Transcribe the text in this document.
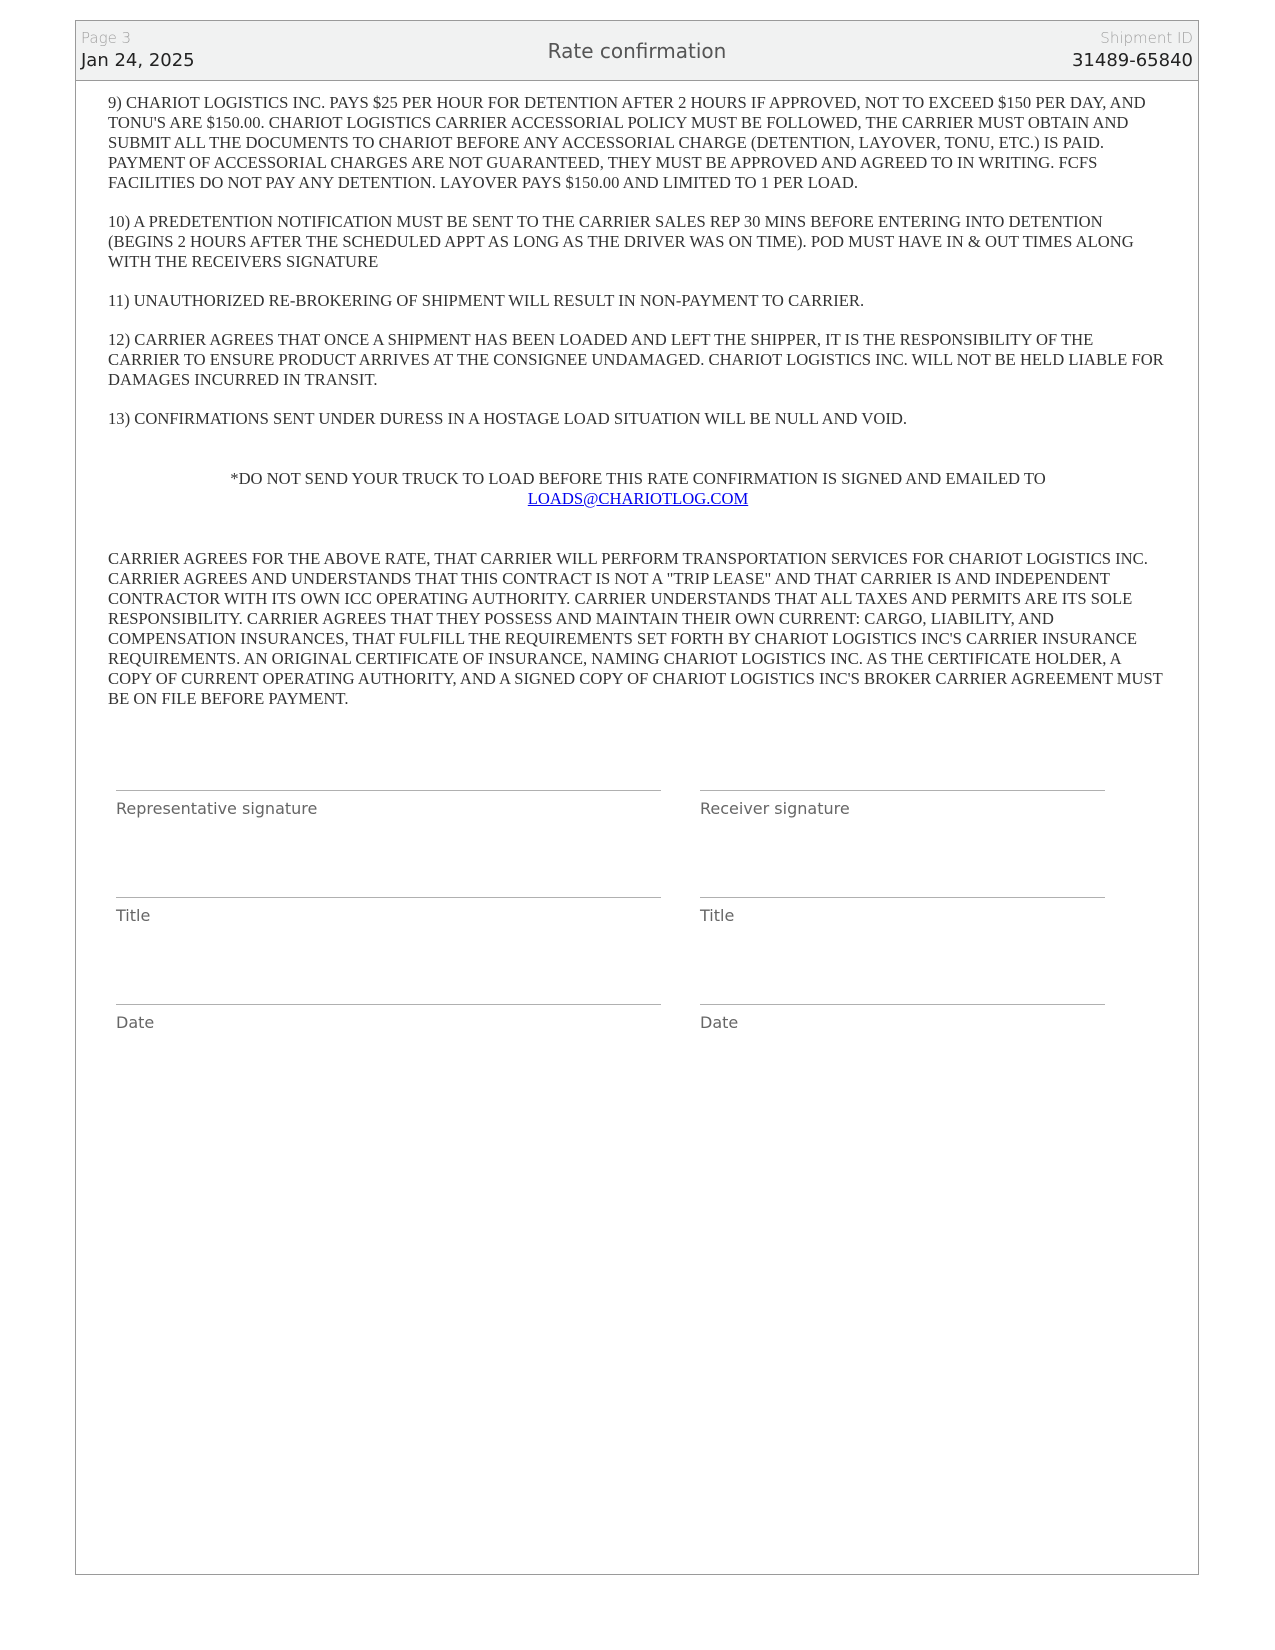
Page 3
Jan 24, 2025	Rate confirmation
Shipment ID
31489-65840

9) CHARIOT LOGISTICS INC. PAYS $25 PER HOUR FOR DETENTION AFTER 2 HOURS IF APPROVED, NOT TO EXCEED $150 PER DAY, AND TONU'S ARE $150.00. CHARIOT LOGISTICS CARRIER ACCESSORIAL POLICY MUST BE FOLLOWED, THE CARRIER MUST OBTAIN AND SUBMIT ALL THE DOCUMENTS TO CHARIOT BEFORE ANY ACCESSORIAL CHARGE (DETENTION, LAYOVER, TONU, ETC.) IS PAID. PAYMENT OF ACCESSORIAL CHARGES ARE NOT GUARANTEED, THEY MUST BE APPROVED AND AGREED TO IN WRITING. FCFS FACILITIES DO NOT PAY ANY DETENTION. LAYOVER PAYS $150.00 AND LIMITED TO 1 PER LOAD.

10) A PREDETENTION NOTIFICATION MUST BE SENT TO THE CARRIER SALES REP 30 MINS BEFORE ENTERING INTO DETENTION (BEGINS 2 HOURS AFTER THE SCHEDULED APPT AS LONG AS THE DRIVER WAS ON TIME). POD MUST HAVE IN & OUT TIMES ALONG WITH THE RECEIVERS SIGNATURE

11) UNAUTHORIZED RE-BROKERING OF SHIPMENT WILL RESULT IN NON-PAYMENT TO CARRIER.

12) CARRIER AGREES THAT ONCE A SHIPMENT HAS BEEN LOADED AND LEFT THE SHIPPER, IT IS THE RESPONSIBILITY OF THE CARRIER TO ENSURE PRODUCT ARRIVES AT THE CONSIGNEE UNDAMAGED. CHARIOT LOGISTICS INC. WILL NOT BE HELD LIABLE FOR DAMAGES INCURRED IN TRANSIT.

13) CONFIRMATIONS SENT UNDER DURESS IN A HOSTAGE LOAD SITUATION WILL BE NULL AND VOID.

*DO NOT SEND YOUR TRUCK TO LOAD BEFORE THIS RATE CONFIRMATION IS SIGNED AND EMAILED TO
LOADS@CHARIOTLOG.COM

CARRIER AGREES FOR THE ABOVE RATE, THAT CARRIER WILL PERFORM TRANSPORTATION SERVICES FOR CHARIOT LOGISTICS INC. CARRIER AGREES AND UNDERSTANDS THAT THIS CONTRACT IS NOT A "TRIP LEASE" AND THAT CARRIER IS AND INDEPENDENT CONTRACTOR WITH ITS OWN ICC OPERATING AUTHORITY. CARRIER UNDERSTANDS THAT ALL TAXES AND PERMITS ARE ITS SOLE RESPONSIBILITY. CARRIER AGREES THAT THEY POSSESS AND MAINTAIN THEIR OWN CURRENT: CARGO, LIABILITY, AND COMPENSATION INSURANCES, THAT FULFILL THE REQUIREMENTS SET FORTH BY CHARIOT LOGISTICS INC'S CARRIER INSURANCE REQUIREMENTS. AN ORIGINAL CERTIFICATE OF INSURANCE, NAMING CHARIOT LOGISTICS INC. AS THE CERTIFICATE HOLDER, A COPY OF CURRENT OPERATING AUTHORITY, AND A SIGNED COPY OF CHARIOT LOGISTICS INC'S BROKER CARRIER AGREEMENT MUST BE ON FILE BEFORE PAYMENT.

Representative signature	Receiver signature
Title	Title
Date	Date
